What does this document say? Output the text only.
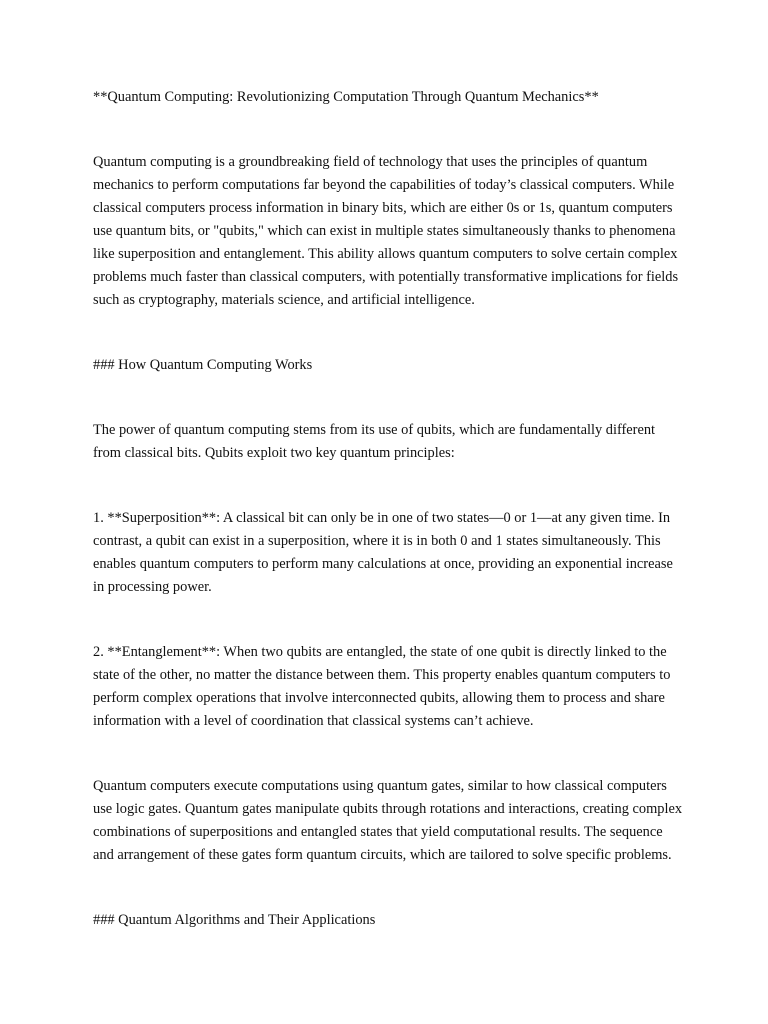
**Quantum Computing: Revolutionizing Computation Through Quantum Mechanics**

Quantum computing is a groundbreaking field of technology that uses the principles of quantum mechanics to perform computations far beyond the capabilities of today’s classical computers. While classical computers process information in binary bits, which are either 0s or 1s, quantum computers use quantum bits, or "qubits," which can exist in multiple states simultaneously thanks to phenomena like superposition and entanglement. This ability allows quantum computers to solve certain complex problems much faster than classical computers, with potentially transformative implications for fields such as cryptography, materials science, and artificial intelligence.

### How Quantum Computing Works

The power of quantum computing stems from its use of qubits, which are fundamentally different from classical bits. Qubits exploit two key quantum principles:

1. **Superposition**: A classical bit can only be in one of two states—0 or 1—at any given time. In contrast, a qubit can exist in a superposition, where it is in both 0 and 1 states simultaneously. This enables quantum computers to perform many calculations at once, providing an exponential increase in processing power.

2. **Entanglement**: When two qubits are entangled, the state of one qubit is directly linked to the state of the other, no matter the distance between them. This property enables quantum computers to perform complex operations that involve interconnected qubits, allowing them to process and share information with a level of coordination that classical systems can’t achieve.

Quantum computers execute computations using quantum gates, similar to how classical computers use logic gates. Quantum gates manipulate qubits through rotations and interactions, creating complex combinations of superpositions and entangled states that yield computational results. The sequence and arrangement of these gates form quantum circuits, which are tailored to solve specific problems.

### Quantum Algorithms and Their Applications
